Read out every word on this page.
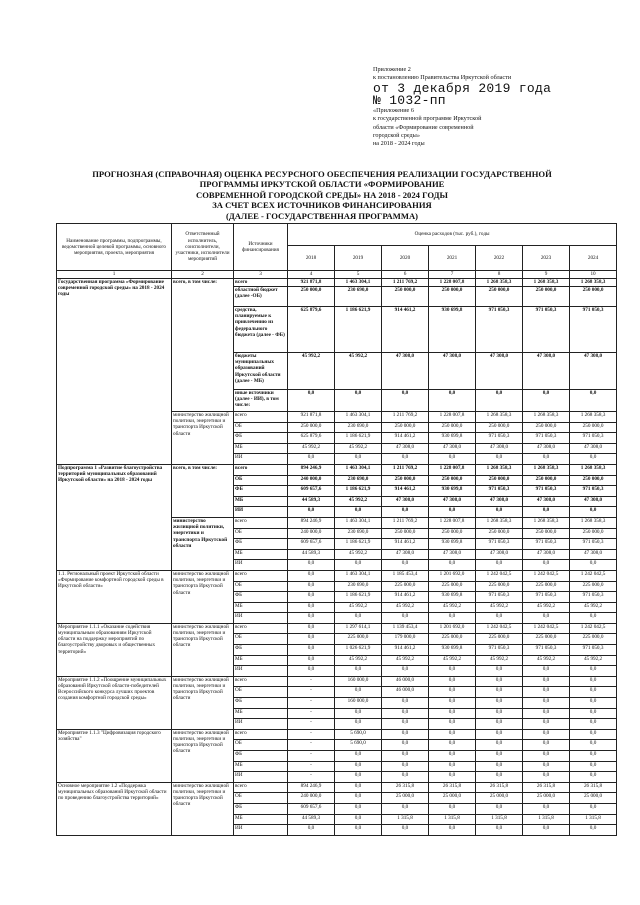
Приложение 2
к постановлению Правительства Иркутской области
от 3 декабря 2019 года
№ 1032-пп
«Приложение 6
к государственной программе Иркутской
области «Формирование современной
городской среды»
на 2018 - 2024 годы
ПРОГНОЗНАЯ (СПРАВОЧНАЯ) ОЦЕНКА РЕСУРСНОГО ОБЕСПЕЧЕНИЯ РЕАЛИЗАЦИИ ГОСУДАРСТВЕННОЙ
ПРОГРАММЫ ИРКУТСКОЙ ОБЛАСТИ «ФОРМИРОВАНИЕ
СОВРЕМЕННОЙ ГОРОДСКОЙ СРЕДЫ» НА 2018 - 2024 ГОДЫ
ЗА СЧЕТ ВСЕХ ИСТОЧНИКОВ ФИНАНСИРОВАНИЯ
(ДАЛЕЕ - ГОСУДАРСТВЕННАЯ ПРОГРАММА)
Наименование программы, подпрограммы, ведомственной целевой программы, основного мероприятия, проекта, мероприятия	Ответственный исполнитель, соисполнители, участники, исполнители мероприятий	Источники финансирования	Оценка расходов (тыс. руб.), годы						
			2018	2019	2020	2021	2022	2023	2024
1	2	3	4	5	6	7	8	9	10
Государственная программа «Формирование современной городской среды» на 2018 - 2024 годы	всего, в том числе:	всего	921 871,8	1 463 304,1	1 211 769,2	1 228 007,8	1 268 358,3	1 268 358,3	1 268 358,3
		областной бюджет (далее -ОБ)	250 000,0	230 690,0	250 000,0	250 000,0	250 000,0	250 000,0	250 000,0
		средства, планируемые к привлечению из федерального бюджета (далее - ФБ)	625 879,6	1 186 621,9	914 461,2	930 699,8	971 050,3	971 050,3	971 050,3
		бюджеты муниципальных образований Иркутской области (далее - МБ)	45 992,2	45 992,2	47 308,0	47 308,0	47 308,0	47 308,0	47 308,0
		иные источники (далее - ИИ), в том числе:	0,0	0,0	0,0	0,0	0,0	0,0	0,0
	министерство жилищной политики, энергетики и транспорта Иркутской области	всего	921 871,8	1 463 304,1	1 211 769,2	1 228 007,8	1 268 358,3	1 268 358,3	1 268 358,3
		ОБ	250 000,0	230 690,0	250 000,0	250 000,0	250 000,0	250 000,0	250 000,0
		ФБ	625 879,6	1 186 621,9	914 461,2	930 699,8	971 050,3	971 050,3	971 050,3
		МБ	45 992,2	45 992,2	47 308,0	47 308,0	47 308,0	47 308,0	47 308,0
		ИИ	0,0	0,0	0,0	0,0	0,0	0,0	0,0
Подпрограмма 1 «Развитие благоустройства территорий муниципальных образований Иркутской области» на 2018 - 2024 годы	всего, в том числе:	всего	894 246,9	1 463 304,1	1 211 769,2	1 228 007,8	1 268 358,3	1 268 358,3	1 268 358,3
		ОБ	240 000,0	230 690,0	250 000,0	250 000,0	250 000,0	250 000,0	250 000,0
		ФБ	609 657,6	1 186 621,9	914 461,2	930 699,8	971 050,3	971 050,3	971 050,3
		МБ	44 589,3	45 992,2	47 308,0	47 308,0	47 308,0	47 308,0	47 308,0
		ИИ	0,0	0,0	0,0	0,0	0,0	0,0	0,0
	министерство жилищной политики, энергетики и транспорта Иркутской области	всего	894 246,9	1 463 304,1	1 211 769,2	1 228 007,8	1 268 358,3	1 268 358,3	1 268 358,3
		ОБ	240 000,0	230 690,0	250 000,0	250 000,0	250 000,0	250 000,0	250 000,0
		ФБ	609 657,6	1 186 621,9	914 461,2	930 699,8	971 050,3	971 050,3	971 050,3
		МБ	44 589,3	45 992,2	47 308,0	47 308,0	47 308,0	47 308,0	47 308,0
		ИИ	0,0	0,0	0,0	0,0	0,0	0,0	0,0
1.1. Региональный проект Иркутской области «Формирование комфортной городской среды в Иркутской области»	министерство жилищной политики, энергетики и транспорта Иркутской области	всего	0,0	1 463 304,1	1 185 453,4	1 201 692,0	1 242 042,5	1 242 042,5	1 242 042,5
		ОБ	0,0	230 690,0	225 000,0	225 000,0	225 000,0	225 000,0	225 000,0
		ФБ	0,0	1 186 621,9	914 461,2	930 699,8	971 050,3	971 050,3	971 050,3
		МБ	0,0	45 992,2	45 992,2	45 992,2	45 992,2	45 992,2	45 992,2
		ИИ	0,0	0,0	0,0	0,0	0,0	0,0	0,0
Мероприятие 1.1.1 «Оказание содействия муниципальным образованиям Иркутской области на поддержку мероприятий по благоустройству дворовых и общественных территорий»	министерство жилищной политики, энергетики и транспорта Иркутской области	всего	0,0	1 297 614,1	1 139 453,4	1 201 692,0	1 242 042,5	1 242 042,5	1 242 042,5
		ОБ	0,0	225 000,0	179 000,0	225 000,0	225 000,0	225 000,0	225 000,0
		ФБ	0,0	1 026 621,9	914 461,2	930 699,8	971 050,3	971 050,3	971 050,3
		МБ	0,0	45 992,2	45 992,2	45 992,2	45 992,2	45 992,2	45 992,2
		ИИ	0,0	0,0	0,0	0,0	0,0	0,0	0,0
Мероприятие 1.1.2 «Поощрение муниципальных образований Иркутской области-победителей Всероссийского конкурса лучших проектов создания комфортной городской среды»	министерство жилищной политики, энергетики и транспорта Иркутской области	всего	-	160 000,0	46 000,0	0,0	0,0	0,0	0,0
		ОБ	-	0,0	46 000,0	0,0	0,0	0,0	0,0
		ФБ	-	160 000,0	0,0	0,0	0,0	0,0	0,0
		МБ	-	0,0	0,0	0,0	0,0	0,0	0,0
		ИИ	-	0,0	0,0	0,0	0,0	0,0	0,0
Мероприятие 1.1.3 "Цифровизация городского хозяйства"	министерство жилищной политики, энергетики и транспорта Иркутской области	всего	-	5 690,0	0,0	0,0	0,0	0,0	0,0
		ОБ	-	5 690,0	0,0	0,0	0,0	0,0	0,0
		ФБ	-	0,0	0,0	0,0	0,0	0,0	0,0
		МБ	-	0,0	0,0	0,0	0,0	0,0	0,0
		ИИ	-	0,0	0,0	0,0	0,0	0,0	0,0
Основное мероприятие 1.2 «Поддержка муниципальных образований Иркутской области по проведению благоустройства территорий»	министерство жилищной политики, энергетики и транспорта Иркутской области	всего	894 246,9	0,0	26 315,8	26 315,8	26 315,8	26 315,8	26 315,8
		ОБ	240 000,0	0,0	25 000,0	25 000,0	25 000,0	25 000,0	25 000,0
		ФБ	609 657,6	0,0	0,0	0,0	0,0	0,0	0,0
		МБ	44 589,3	0,0	1 315,8	1 315,8	1 315,8	1 315,8	1 315,8
		ИИ	0,0	0,0	0,0	0,0	0,0	0,0	0,0
